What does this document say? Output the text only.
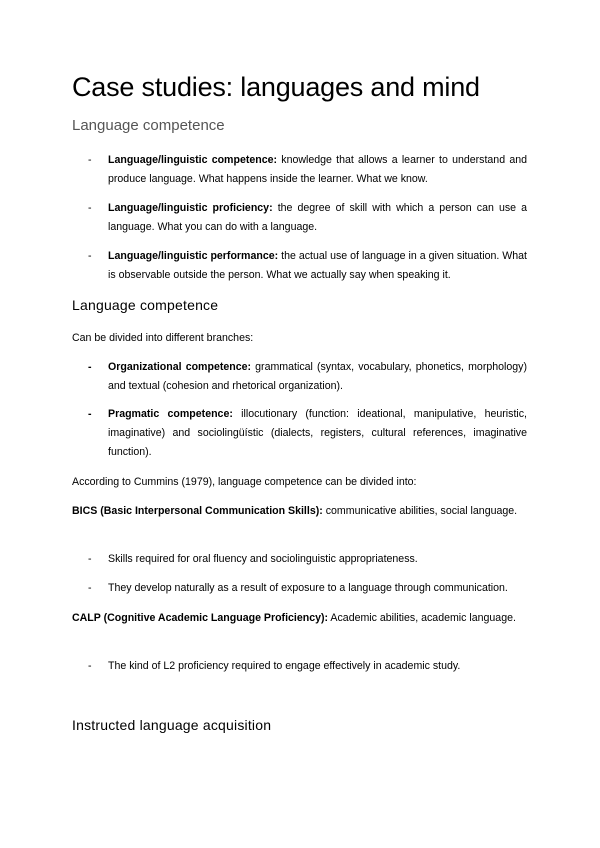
Case studies: languages and mind
Language competence
- Language/linguistic competence: knowledge that allows a learner to understand and produce language. What happens inside the learner. What we know.
- Language/linguistic proficiency: the degree of skill with which a person can use a language. What you can do with a language.
- Language/linguistic performance: the actual use of language in a given situation. What is observable outside the person. What we actually say when speaking it.
Language competence
Can be divided into different branches:
- Organizational competence: grammatical (syntax, vocabulary, phonetics, morphology) and textual (cohesion and rhetorical organization).
- Pragmatic competence: illocutionary (function: ideational, manipulative, heuristic, imaginative) and sociolingüístic (dialects, registers, cultural references, imaginative function).
According to Cummins (1979), language competence can be divided into:
BICS (Basic Interpersonal Communication Skills): communicative abilities, social language.
- Skills required for oral fluency and sociolinguistic appropriateness.
- They develop naturally as a result of exposure to a language through communication.
CALP (Cognitive Academic Language Proficiency): Academic abilities, academic language.
- The kind of L2 proficiency required to engage effectively in academic study.
Instructed language acquisition
